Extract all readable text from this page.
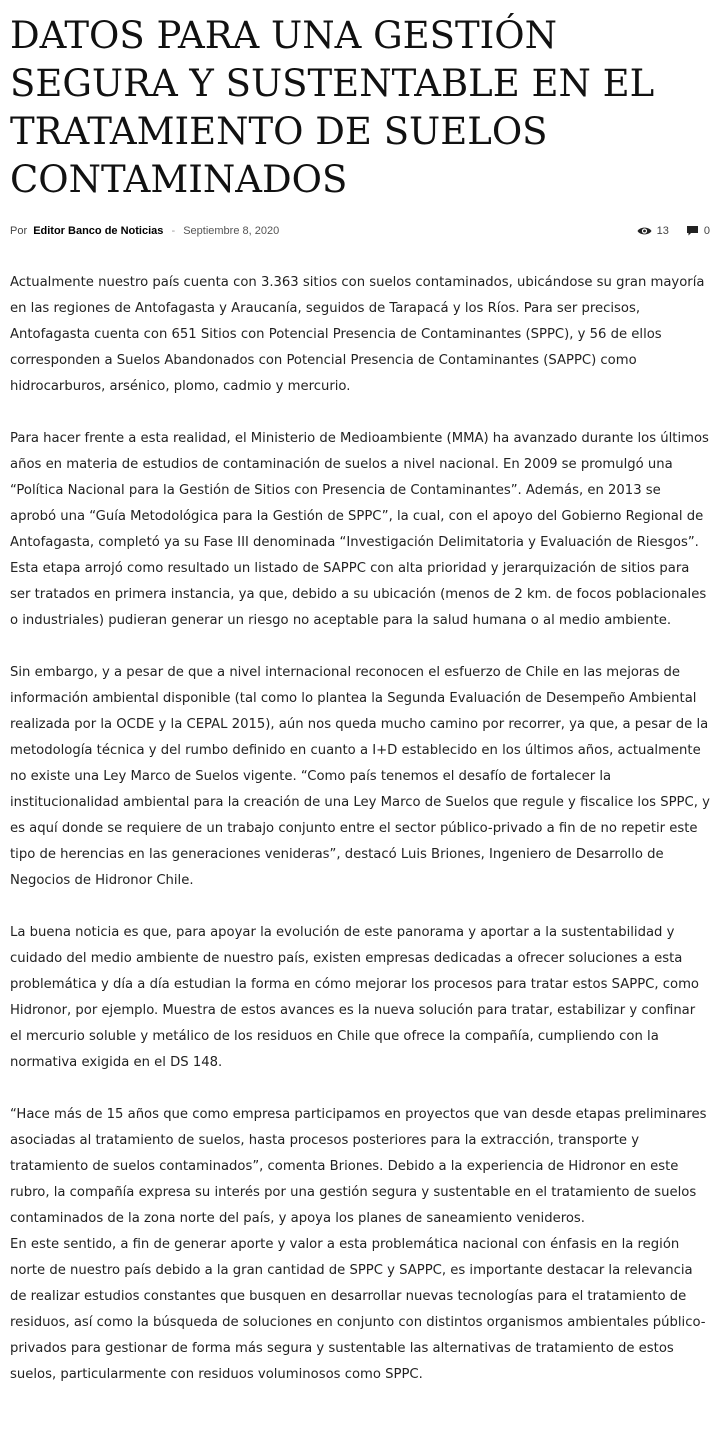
DATOS PARA UNA GESTIÓN SEGURA Y SUSTENTABLE EN EL TRATAMIENTO DE SUELOS CONTAMINADOS
Por Editor Banco de Noticias - Septiembre 8, 2020	13	0

Actualmente nuestro país cuenta con 3.363 sitios con suelos contaminados, ubicándose su gran mayoría en las regiones de Antofagasta y Araucanía, seguidos de Tarapacá y los Ríos. Para ser precisos, Antofagasta cuenta con 651 Sitios con Potencial Presencia de Contaminantes (SPPC), y 56 de ellos corresponden a Suelos Abandonados con Potencial Presencia de Contaminantes (SAPPC) como hidrocarburos, arsénico, plomo, cadmio y mercurio.

Para hacer frente a esta realidad, el Ministerio de Medioambiente (MMA) ha avanzado durante los últimos años en materia de estudios de contaminación de suelos a nivel nacional. En 2009 se promulgó una “Política Nacional para la Gestión de Sitios con Presencia de Contaminantes”. Además, en 2013 se aprobó una “Guía Metodológica para la Gestión de SPPC”, la cual, con el apoyo del Gobierno Regional de Antofagasta, completó ya su Fase III denominada “Investigación Delimitatoria y Evaluación de Riesgos”. Esta etapa arrojó como resultado un listado de SAPPC con alta prioridad y jerarquización de sitios para ser tratados en primera instancia, ya que, debido a su ubicación (menos de 2 km. de focos poblacionales o industriales) pudieran generar un riesgo no aceptable para la salud humana o al medio ambiente.

Sin embargo, y a pesar de que a nivel internacional reconocen el esfuerzo de Chile en las mejoras de información ambiental disponible (tal como lo plantea la Segunda Evaluación de Desempeño Ambiental realizada por la OCDE y la CEPAL 2015), aún nos queda mucho camino por recorrer, ya que, a pesar de la metodología técnica y del rumbo definido en cuanto a I+D establecido en los últimos años, actualmente no existe una Ley Marco de Suelos vigente. “Como país tenemos el desafío de fortalecer la institucionalidad ambiental para la creación de una Ley Marco de Suelos que regule y fiscalice los SPPC, y es aquí donde se requiere de un trabajo conjunto entre el sector público-privado a fin de no repetir este tipo de herencias en las generaciones venideras”, destacó Luis Briones, Ingeniero de Desarrollo de Negocios de Hidronor Chile.

La buena noticia es que, para apoyar la evolución de este panorama y aportar a la sustentabilidad y cuidado del medio ambiente de nuestro país, existen empresas dedicadas a ofrecer soluciones a esta problemática y día a día estudian la forma en cómo mejorar los procesos para tratar estos SAPPC, como Hidronor, por ejemplo. Muestra de estos avances es la nueva solución para tratar, estabilizar y confinar el mercurio soluble y metálico de los residuos en Chile que ofrece la compañía, cumpliendo con la normativa exigida en el DS 148.

“Hace más de 15 años que como empresa participamos en proyectos que van desde etapas preliminares asociadas al tratamiento de suelos, hasta procesos posteriores para la extracción, transporte y tratamiento de suelos contaminados”, comenta Briones. Debido a la experiencia de Hidronor en este rubro, la compañía expresa su interés por una gestión segura y sustentable en el tratamiento de suelos contaminados de la zona norte del país, y apoya los planes de saneamiento venideros.

En este sentido, a fin de generar aporte y valor a esta problemática nacional con énfasis en la región norte de nuestro país debido a la gran cantidad de SPPC y SAPPC, es importante destacar la relevancia de realizar estudios constantes que busquen en desarrollar nuevas tecnologías para el tratamiento de residuos, así como la búsqueda de soluciones en conjunto con distintos organismos ambientales público-privados para gestionar de forma más segura y sustentable las alternativas de tratamiento de estos suelos, particularmente con residuos voluminosos como SPPC.
